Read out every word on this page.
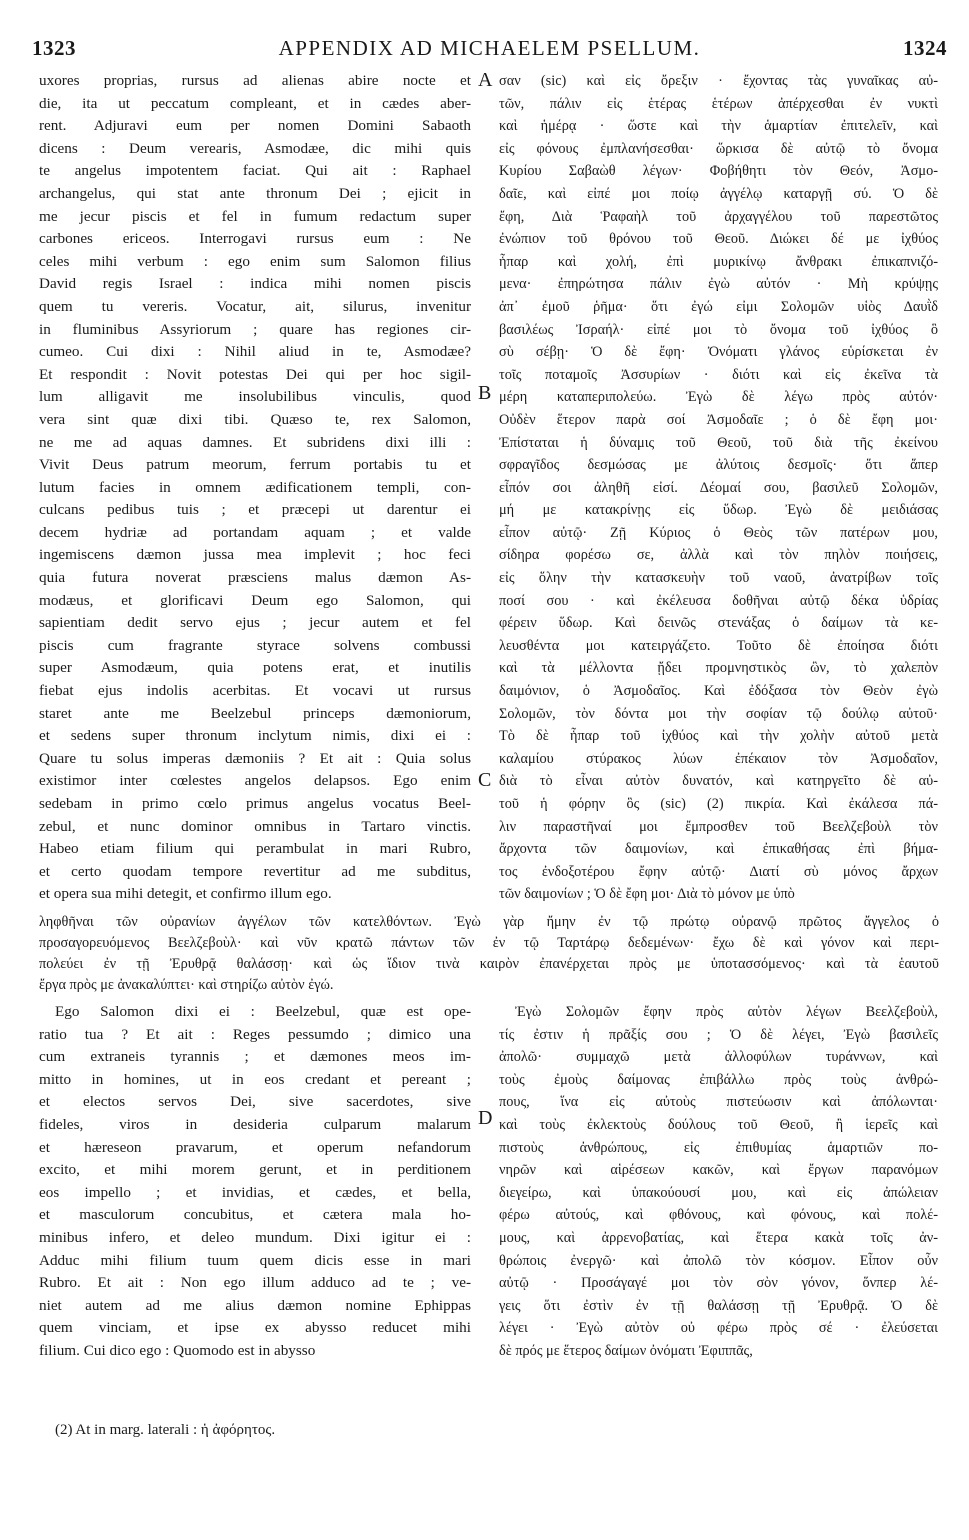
1323	APPENDIX AD MICHAELEM PSELLUM.	1324
uxores proprias, rursus ad alienas abire nocte et
die, ita ut peccatum compleant, et in cædes aber-
rent. Adjuravi eum per nomen Domini Sabaoth
dicens : Deum verearis, Asmodæe, dic mihi quis
te angelus impotentem faciat. Qui ait : Raphael
archangelus, qui stat ante thronum Dei ; ejicit in
me jecur piscis et fel in fumum redactum super
carbones ericeos. Interrogavi rursus eum : Ne
celes mihi verbum : ego enim sum Salomon filius
David regis Israel : indica mihi nomen piscis
quem tu vereris. Vocatur, ait, silurus, invenitur
in fluminibus Assyriorum ; quare has regiones cir-
cumeo. Cui dixi : Nihil aliud in te, Asmodæe?
Et respondit : Novit potestas Dei qui per hoc sigil-
lum alligavit me insolubilibus vinculis, quod
vera sint quæ dixi tibi. Quæso te, rex Salomon,
ne me ad aquas damnes. Et subridens dixi illi :
Vivit Deus patrum meorum, ferrum portabis tu et
lutum facies in omnem ædificationem templi, con-
culcans pedibus tuis ; et præcepi ut darentur ei
decem hydriæ ad portandam aquam ; et valde
ingemiscens dæmon jussa mea implevit ; hoc feci
quia futura noverat præsciens malus dæmon As-
modæus, et glorificavi Deum ego Salomon, qui
sapientiam dedit servo ejus ; jecur autem et fel
piscis cum fragrante styrace solvens combussi
super Asmodæum, quia potens erat, et inutilis
fiebat ejus indolis acerbitas. Et vocavi ut rursus
staret ante me Beelzebul princeps dæmoniorum,
et sedens super thronum inclytum nimis, dixi ei :
Quare tu solus imperas dæmoniis ? Et ait : Quia solus
existimor inter cœlestes angelos delapsos. Ego enim
sedebam in primo cœlo primus angelus vocatus Beel-
zebul, et nunc dominor omnibus in Tartaro vinctis.
Habeo etiam filium qui perambulat in mari Rubro,
et certo quodam tempore revertitur ad me subditus,
et opera sua mihi detegit, et confirmo illum ego.
σαν (sic) καὶ εἰς ὄρεξιν · ἔχοντας τὰς γυναῖκας αὐ-
τῶν, πάλιν εἰς ἑτέρας ἑτέρων ἀπέρχεσθαι ἐν νυκτὶ
καὶ ἡμέρᾳ · ὥστε καὶ τὴν ἁμαρτίαν ἐπιτελεῖν, καὶ
εἰς φόνους ἐμπλανήσεσθαι· ὥρκισα δὲ αὐτῷ τὸ ὄνομα
Κυρίου Σαβαὼθ λέγων· Φοβήθητι τὸν Θεόν, Ἀσμο-
δαῖε, καὶ εἰπέ μοι ποίῳ ἀγγέλῳ καταργῇ σύ. Ὁ δὲ
ἔφη, Διὰ Ῥαφαὴλ τοῦ ἀρχαγγέλου τοῦ παρεστῶτος
ἐνώπιον τοῦ θρόνου τοῦ Θεοῦ. Διώκει δέ με ἰχθύος
ἧπαρ καὶ χολή, ἐπὶ μυρικίνῳ ἄνθρακι ἐπικαπνιζό-
μενα· ἐπηρώτησα πάλιν ἐγὼ αὐτόν · Μὴ κρύψῃς
ἀπ᾿ ἐμοῦ ῥῆμα· ὅτι ἐγώ εἰμι Σολομῶν υἱὸς Δαυῒδ
βασιλέως Ἰσραήλ· εἰπέ μοι τὸ ὄνομα τοῦ ἰχθύος ὃ
σὺ σέβῃ· Ὁ δὲ ἔφη· Ὀνόματι γλάνος εὑρίσκεται ἐν
τοῖς ποταμοῖς Ἀσσυρίων · διότι καὶ εἰς ἐκεῖνα τὰ
μέρη καταπεριπολεύω. Ἐγὼ δὲ λέγω πρὸς αὐτόν·
Οὐδὲν ἕτερον παρὰ σοί Ἀσμοδαῖε ; ὁ δὲ ἔφη μοι·
Ἐπίσταται ἡ δύναμις τοῦ Θεοῦ, τοῦ διὰ τῆς ἐκείνου
σφραγῖδος δεσμώσας με ἀλύτοις δεσμοῖς· ὅτι ἅπερ
εἶπόν σοι ἀληθῆ εἰσί. Δέομαί σου, βασιλεῦ Σολομῶν,
μή με κατακρίνῃς εἰς ὕδωρ. Ἐγὼ δὲ μειδιάσας
εἶπον αὐτῷ· Ζῇ Κύριος ὁ Θεὸς τῶν πατέρων μου,
σίδηρα φορέσω σε, ἀλλὰ καὶ τὸν πηλὸν ποιήσεις,
εἰς ὅλην τὴν κατασκευὴν τοῦ ναοῦ, ἀνατρίβων τοῖς
ποσί σου · καὶ ἐκέλευσα δοθῆναι αὐτῷ δέκα ὑδρίας
φέρειν ὕδωρ. Καὶ δεινῶς στενάξας ὁ δαίμων τὰ κε-
λευσθέντα μοι κατειργάζετο. Τοῦτο δὲ ἐποίησα διότι
καὶ τὰ μέλλοντα ᾔδει προμνηστικὸς ὢν, τὸ χαλεπὸν
δαιμόνιον, ὁ Ἀσμοδαῖος. Καὶ ἐδόξασα τὸν Θεὸν ἐγὼ
Σολομῶν, τὸν δόντα μοι τὴν σοφίαν τῷ δούλῳ αὐτοῦ·
Τὸ δὲ ἧπαρ τοῦ ἰχθύος καὶ τὴν χολὴν αὐτοῦ μετὰ
καλαμίου στύρακος λύων ἐπέκαιον τὸν Ἀσμοδαῖον,
διὰ τὸ εἶναι αὐτὸν δυνατόν, καὶ κατηργεῖτο δὲ αὐ-
τοῦ ἡ φόρην ὃς (sic) (2) πικρία. Καὶ ἐκάλεσα πά-
λιν παραστῆναί μοι ἔμπροσθεν τοῦ Βεελζεβοὺλ τὸν
ἄρχοντα τῶν δαιμονίων, καὶ ἐπικαθήσας ἐπὶ βήμα-
τος ἐνδοξοτέρου ἔφην αὐτῷ· Διατί σὺ μόνος ἄρχων
τῶν δαιμονίων ; Ὁ δὲ ἔφη μοι· Διὰ τὸ μόνον με ὑπὸ
A
B
C
D
ληφθῆναι τῶν οὐρανίων ἀγγέλων τῶν κατελθόντων. Ἐγὼ γὰρ ἤμην ἐν τῷ πρώτῳ οὐρανῷ πρῶτος ἄγγελος ὁ
προσαγορευόμενος Βεελζεβοὺλ· καὶ νῦν κρατῶ πάντων τῶν ἐν τῷ Ταρτάρῳ δεδεμένων· ἔχω δὲ καὶ γόνον καὶ περι-
πολεύει ἐν τῇ Ἐρυθρᾷ θαλάσσῃ· καὶ ὡς ἴδιον τινὰ καιρὸν ἐπανέρχεται πρὸς με ὑποτασσόμενος· καὶ τὰ ἑαυτοῦ
ἔργα πρὸς με ἀνακαλύπτει· καὶ στηρίζω αὐτὸν ἐγώ.
Ego Salomon dixi ei : Beelzebul, quæ est ope-
ratio tua ? Et ait : Reges pessumdo ; dimico una
cum extraneis tyrannis ; et dæmones meos im-
mitto in homines, ut in eos credant et pereant ;
et electos servos Dei, sive sacerdotes, sive
fideles, viros in desideria culparum malarum
et hæreseon pravarum, et operum nefandorum
excito, et mihi morem gerunt, et in perditionem
eos impello ; et invidias, et cædes, et bella,
et masculorum concubitus, et cætera mala ho-
minibus infero, et deleo mundum. Dixi igitur ei :
Adduc mihi filium tuum quem dicis esse in mari
Rubro. Et ait : Non ego illum adduco ad te ; ve-
niet autem ad me alius dæmon nomine Ephippas
quem vinciam, et ipse ex abysso reducet mihi
filium. Cui dico ego : Quomodo est in abysso
Ἐγὼ Σολομῶν ἔφην πρὸς αὐτὸν λέγων Βεελζεβοὺλ,
τίς ἐστιν ἡ πρᾶξίς σου ; Ὁ δὲ λέγει, Ἐγὼ βασιλεῖς
ἀπολῶ· συμμαχῶ μετὰ ἀλλοφύλων τυράννων, καὶ
τοὺς ἐμοὺς δαίμονας ἐπιβάλλω πρὸς τοὺς ἀνθρώ-
πους, ἵνα εἰς αὐτοὺς πιστεύωσιν καὶ ἀπόλωνται·
καὶ τοὺς ἐκλεκτοὺς δούλους τοῦ Θεοῦ, ἢ ἱερεῖς καὶ
πιστοὺς ἀνθρώπους, εἰς ἐπιθυμίας ἁμαρτιῶν πο-
νηρῶν καὶ αἱρέσεων κακῶν, καὶ ἔργων παρανόμων
διεγείρω, καὶ ὑπακούουσί μου, καὶ εἰς ἀπώλειαν
φέρω αὐτούς, καὶ φθόνους, καὶ φόνους, καὶ πολέ-
μους, καὶ ἀρρενοβατίας, καὶ ἕτερα κακὰ τοῖς ἀν-
θρώποις ἐνεργῶ· καὶ ἀπολῶ τὸν κόσμον. Εἶπον οὖν
αὐτῷ · Προσάγαγέ μοι τὸν σὸν γόνον, ὅνπερ λέ-
γεις ὅτι ἐστὶν ἐν τῇ θαλάσσῃ τῇ Ἐρυθρᾷ. Ὁ δὲ
λέγει · Ἐγὼ αὐτὸν οὐ φέρω πρὸς σέ · ἐλεύσεται
δὲ πρός με ἕτερος δαίμων ὀνόματι Ἐφιππᾶς,
(2) At in marg. laterali : ἡ ἀφόρητος.
